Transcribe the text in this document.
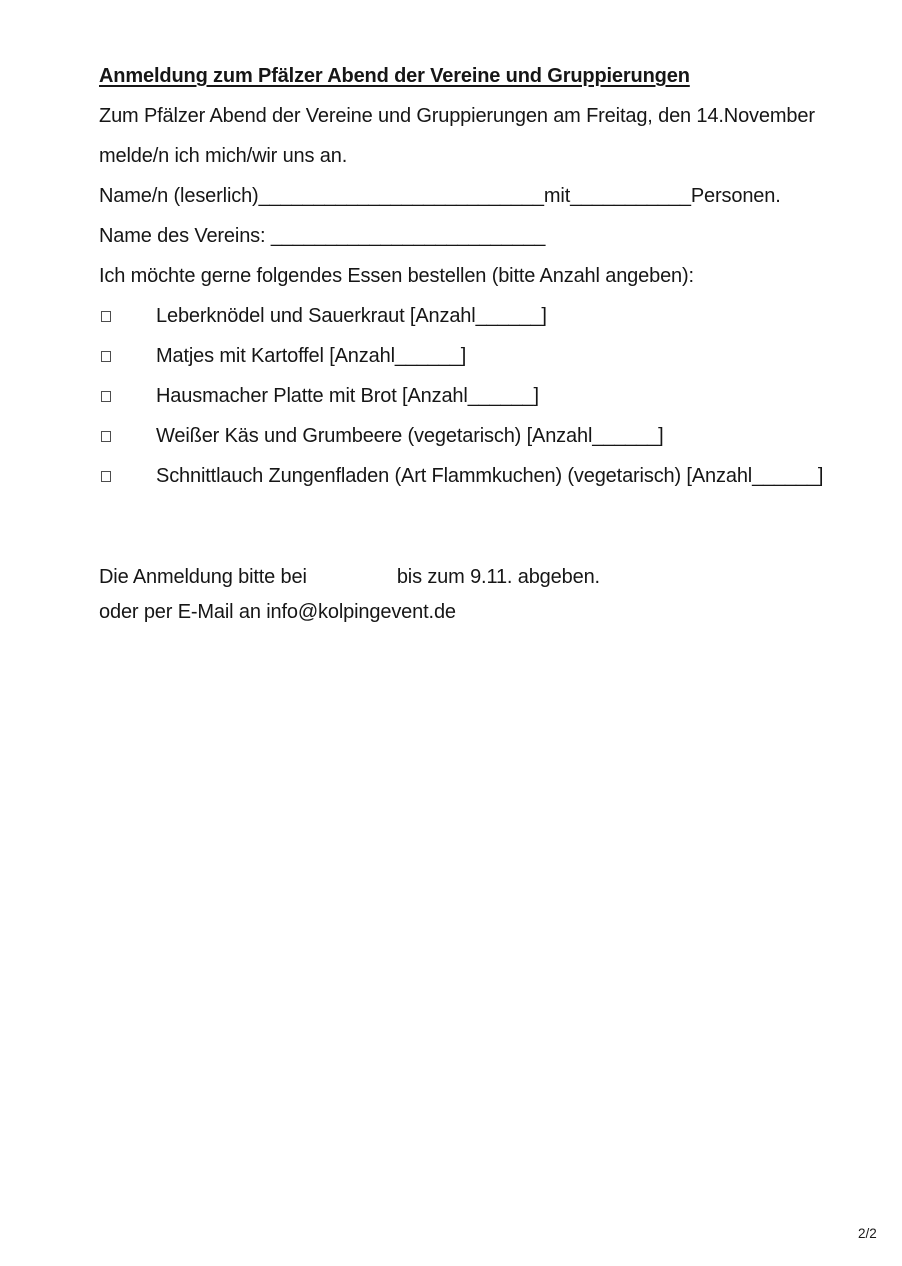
Anmeldung zum Pfälzer Abend der Vereine und Gruppierungen
Zum Pfälzer Abend der Vereine und Gruppierungen am Freitag, den 14.November
melde/n ich mich/wir uns an.
Name/n (leserlich)__________________________mit___________Personen.
Name des Vereins: _________________________
Ich möchte gerne folgendes Essen bestellen (bitte Anzahl angeben):
Leberknödel und Sauerkraut [Anzahl______]
Matjes mit Kartoffel [Anzahl______]
Hausmacher Platte mit Brot [Anzahl______]
Weißer Käs und Grumbeere (vegetarisch) [Anzahl______]
Schnittlauch Zungenfladen (Art Flammkuchen) (vegetarisch) [Anzahl______]
Die Anmeldung bitte bei	bis zum 9.11. abgeben.
oder per E-Mail an info@kolpingevent.de
2/2
